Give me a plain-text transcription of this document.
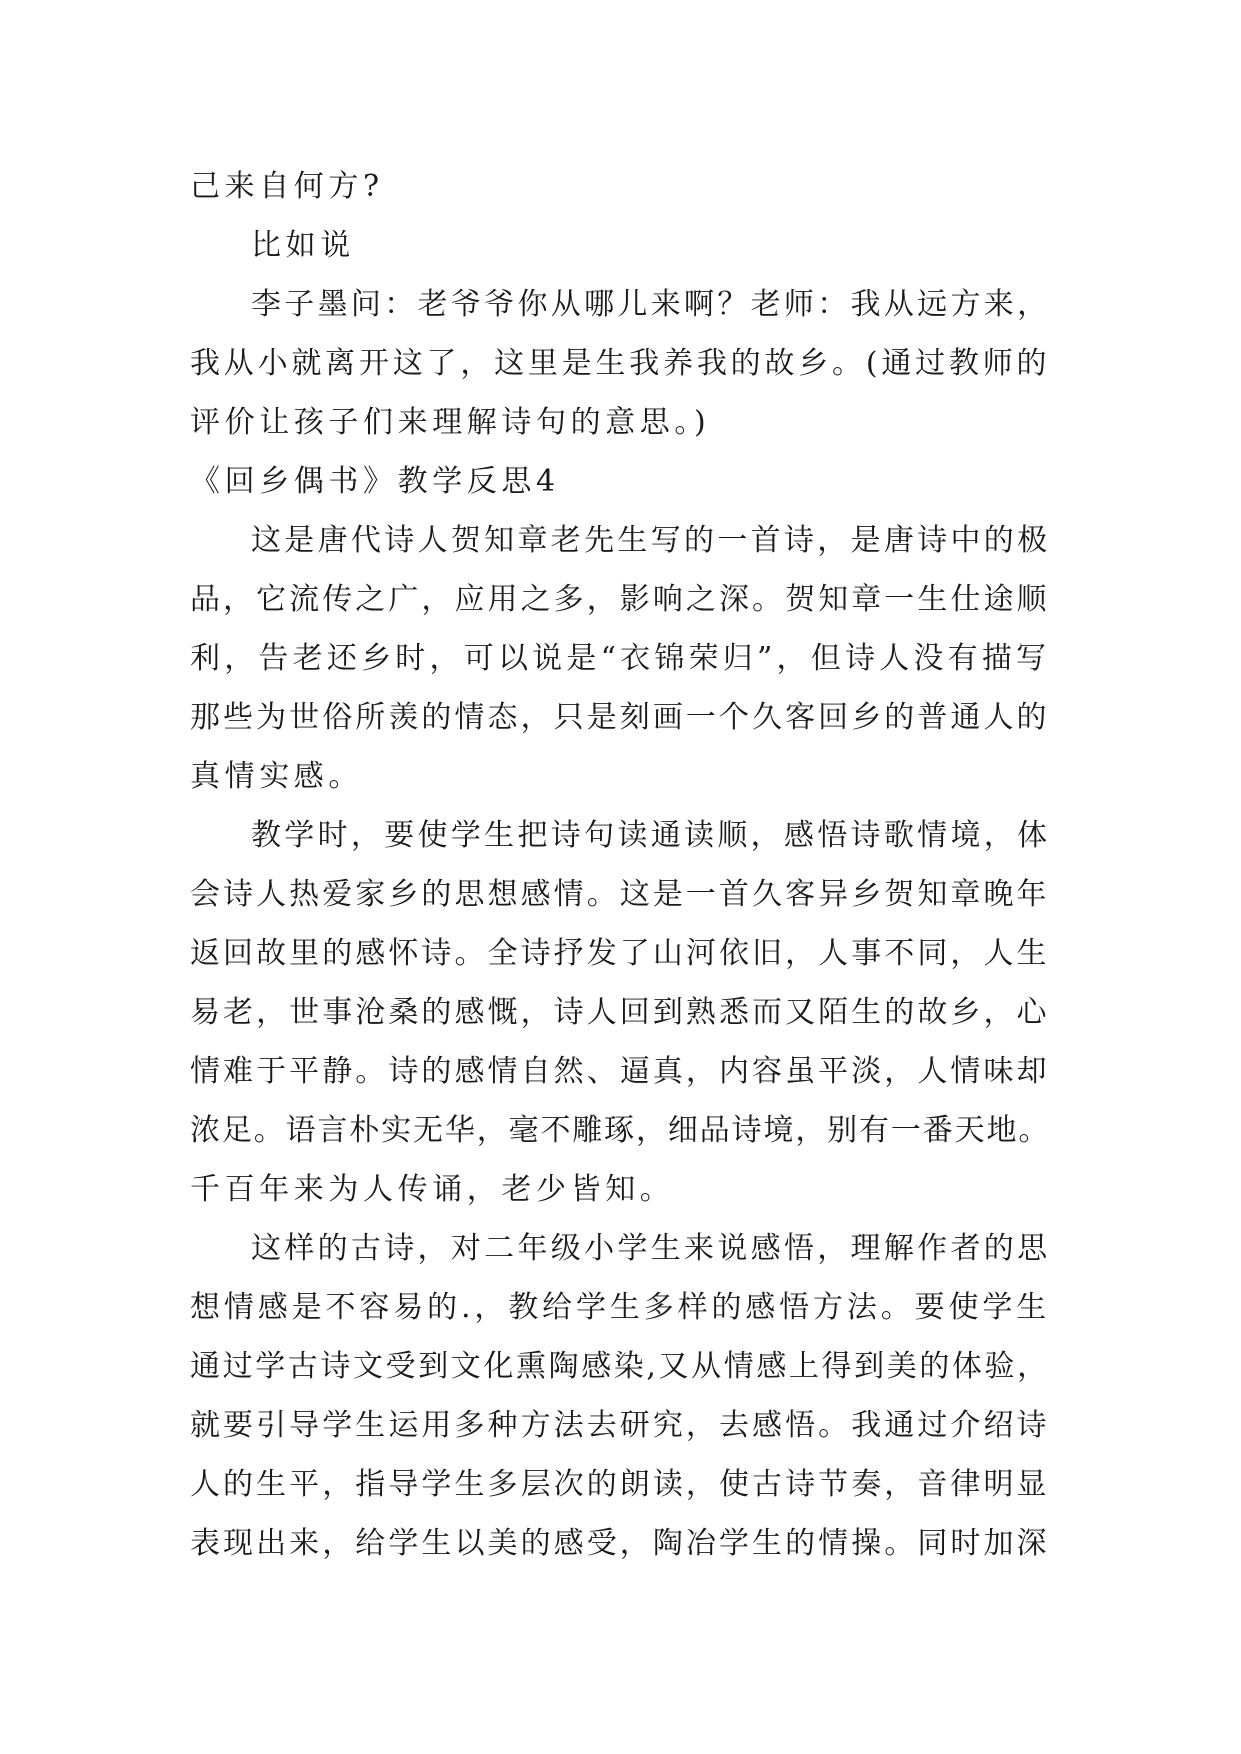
己来自何方?

比如说

李子墨问：老爷爷你从哪儿来啊？老师：我从远方来，

我从小就离开这了，这里是生我养我的故乡。(通过教师的

评价让孩子们来理解诗句的意思。)

《回乡偶书》教学反思4

这是唐代诗人贺知章老先生写的一首诗，是唐诗中的极

品，它流传之广，应用之多，影响之深。贺知章一生仕途顺

利，告老还乡时，可以说是“衣锦荣归”，但诗人没有描写

那些为世俗所羡的情态，只是刻画一个久客回乡的普通人的

真情实感。

教学时，要使学生把诗句读通读顺，感悟诗歌情境，体

会诗人热爱家乡的思想感情。这是一首久客异乡贺知章晚年

返回故里的感怀诗。全诗抒发了山河依旧，人事不同，人生

易老，世事沧桑的感慨，诗人回到熟悉而又陌生的故乡，心

情难于平静。诗的感情自然、逼真，内容虽平淡，人情味却

浓足。语言朴实无华，毫不雕琢，细品诗境，别有一番天地。

千百年来为人传诵，老少皆知。

这样的古诗，对二年级小学生来说感悟，理解作者的思

想情感是不容易的.，教给学生多样的感悟方法。要使学生

通过学古诗文受到文化熏陶感染,又从情感上得到美的体验，

就要引导学生运用多种方法去研究，去感悟。我通过介绍诗

人的生平，指导学生多层次的朗读，使古诗节奏，音律明显

表现出来，给学生以美的感受，陶冶学生的情操。同时加深
